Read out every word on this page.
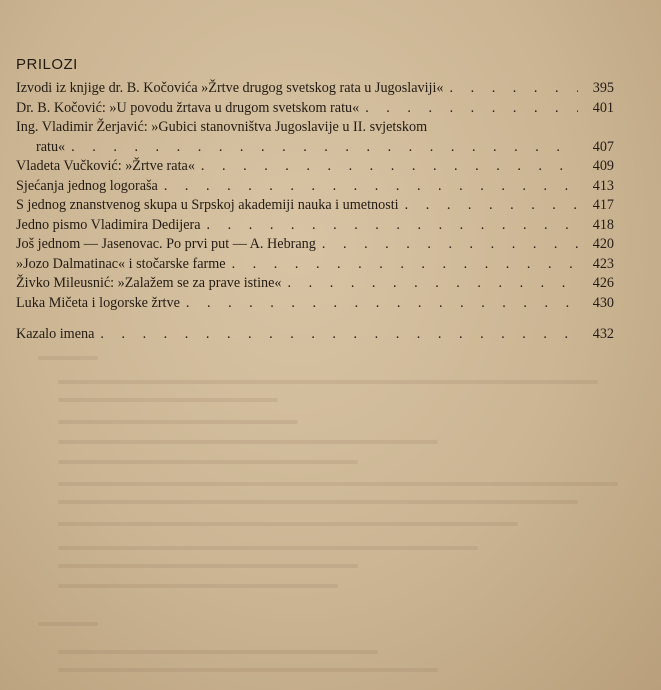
PRILOZI
Izvodi iz knjige dr. B. Kočovića »Žrtve drugog svetskog rata u Jugoslaviji« . . .	395
Dr. B. Kočović: »U povodu žrtava u drugom svetskom ratu« . . .	401
Ing. Vladimir Žerjavić: »Gubici stanovništva Jugoslavije u II. svjetskom
ratu« . . .	407
Vladeta Vučković: »Žrtve rata« . . .	409
Sjećanja jednog logoraša . . .	413
S jednog znanstvenog skupa u Srpskoj akademiji nauka i umetnosti . . .	417
Jedno pismo Vladimira Dedijera . . .	418
Još jednom — Jasenovac. Po prvi put — A. Hebrang . . .	420
»Jozo Dalmatinac« i stočarske farme . . .	423
Živko Mileusnić: »Zalažem se za prave istine« . . .	426
Luka Mičeta i logorske žrtve . . .	430
Kazalo imena . . .	432
